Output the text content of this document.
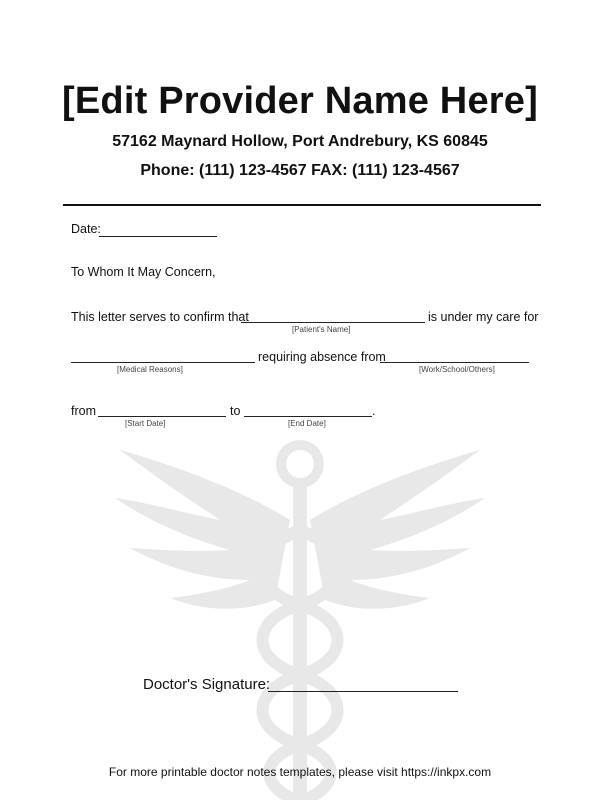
[Edit Provider Name Here]
57162 Maynard Hollow, Port Andrebury, KS 60845
Phone: (111) 123-4567 FAX: (111) 123-4567
Date:
To Whom It May Concern,
This letter serves to confirm that
[Patient's Name]
is under my care for
[Medical Reasons]
requiring absence from
[Work/School/Others]
from
[Start Date]
to	.
[End Date]
Doctor's Signature:
For more printable doctor notes templates, please visit https://inkpx.com
